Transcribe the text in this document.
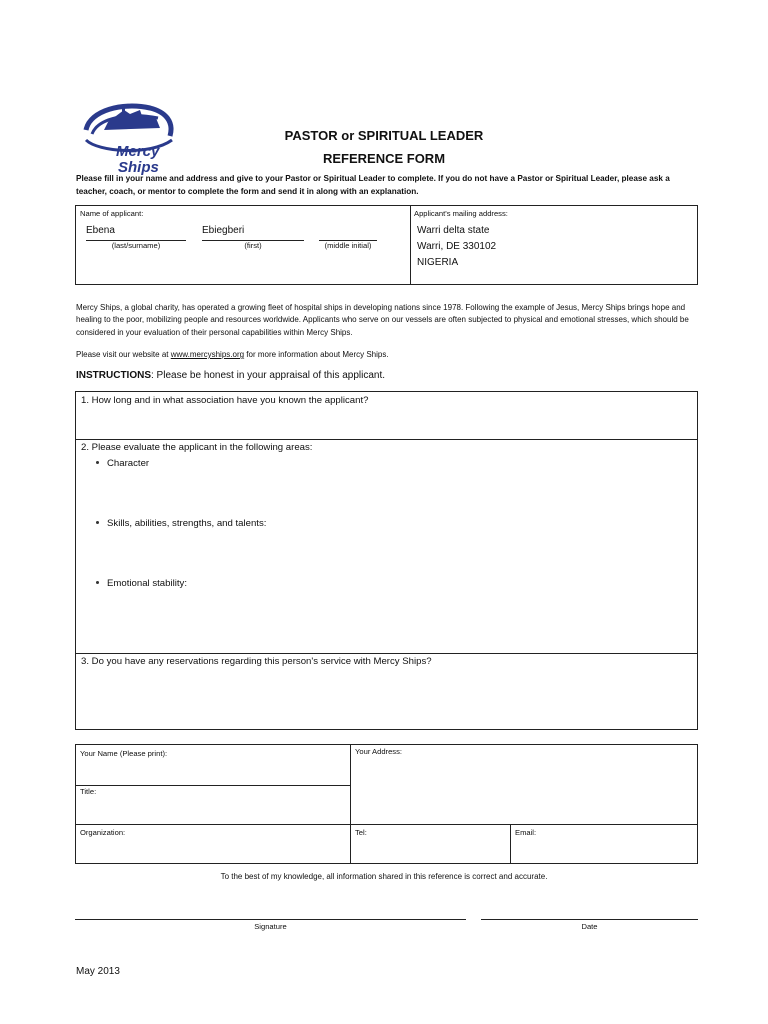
Mercy
Ships
PASTOR or SPIRITUAL LEADER
REFERENCE FORM
Please fill in your name and address and give to your Pastor or Spiritual Leader to complete. If you do not have a Pastor or Spiritual Leader, please ask a teacher, coach, or mentor to complete the form and send it in along with an explanation.
Name of applicant:	Applicant's mailing address:
Ebena	Ebiegberi
(last/surname)	(first)	(middle initial)
Warri delta state
Warri, DE 330102
NIGERIA
Mercy Ships, a global charity, has operated a growing fleet of hospital ships in developing nations since 1978. Following the example of Jesus, Mercy Ships brings hope and healing to the poor, mobilizing people and resources worldwide. Applicants who serve on our vessels are often subjected to physical and emotional stresses, which should be considered in your evaluation of their personal capabilities within Mercy Ships.
Please visit our website at www.mercyships.org for more information about Mercy Ships.
INSTRUCTIONS: Please be honest in your appraisal of this applicant.
1. How long and in what association have you known the applicant?
2. Please evaluate the applicant in the following areas:
Character
Skills, abilities, strengths, and talents:
Emotional stability:
3. Do you have any reservations regarding this person's service with Mercy Ships?
Your Name (Please print):	Your Address:
Title:
Organization:	Tel:	Email:
To the best of my knowledge, all information shared in this reference is correct and accurate.
Signature	Date
May 2013
